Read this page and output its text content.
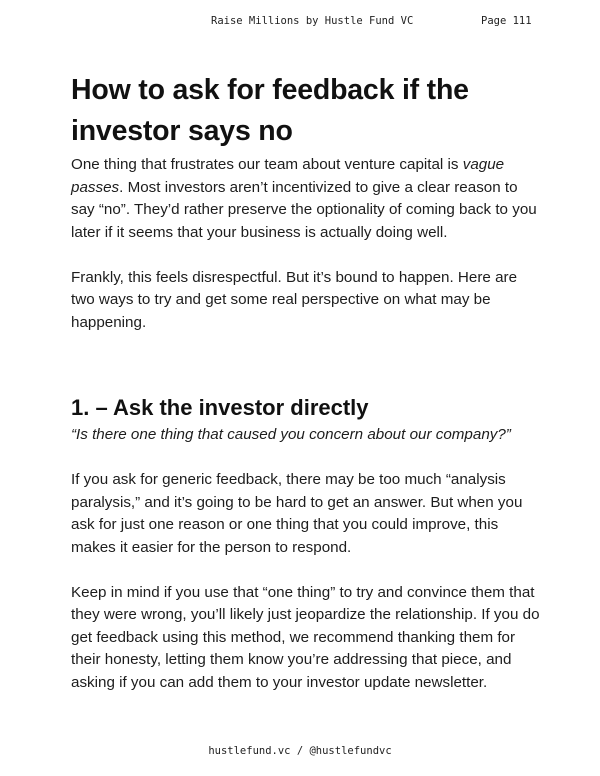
Raise Millions by Hustle Fund VC	Page 111
How to ask for feedback if the investor says no

One thing that frustrates our team about venture capital is vague passes. Most investors aren’t incentivized to give a clear reason to say “no”. They’d rather preserve the optionality of coming back to you later if it seems that your business is actually doing well.

Frankly, this feels disrespectful. But it’s bound to happen. Here are two ways to try and get some real perspective on what may be happening.

1. – Ask the investor directly

“Is there one thing that caused you concern about our company?”

If you ask for generic feedback, there may be too much “analysis paralysis,” and it’s going to be hard to get an answer. But when you ask for just one reason or one thing that you could improve, this makes it easier for the person to respond.

Keep in mind if you use that “one thing” to try and convince them that they were wrong, you’ll likely just jeopardize the relationship. If you do get feedback using this method, we recommend thanking them for their honesty, letting them know you’re addressing that piece, and asking if you can add them to your investor update newsletter.

hustlefund.vc / @hustlefundvc
